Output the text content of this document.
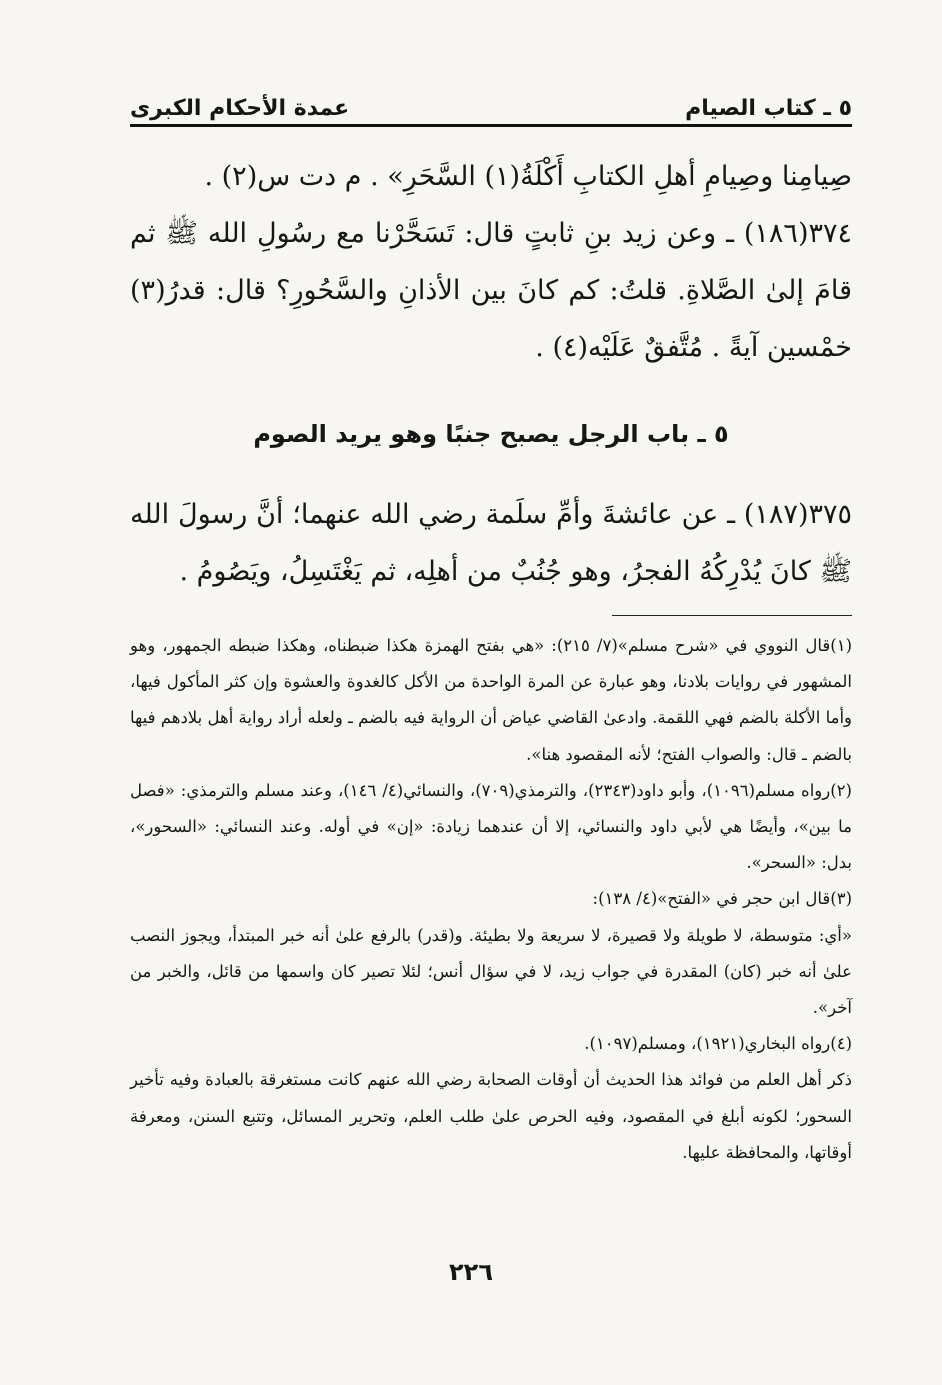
٥ ـ كتاب الصيام
عمدة الأحكام الكبرى

صِيامِنا وصِيامِ أهلِ الكتابِ أَكْلَةُ(١) السَّحَرِ» . م دت س(٢) .

٣٧٤(١٨٦) ـ وعن زيد بنِ ثابتٍ قال: تَسَحَّرْنا مع رسُولِ الله ﷺ ثم قامَ إلىٰ الصَّلاةِ. قلتُ: كم كانَ بين الأذانِ والسَّحُورِ؟ قال: قدرُ(٣) خمْسين آيةً . مُتَّفقٌ عَلَيْه(٤) .

٥ ـ باب الرجل يصبح جنبًا وهو يريد الصوم

٣٧٥(١٨٧) ـ عن عائشةَ وأمِّ سلَمة رضي الله عنهما؛ أنَّ رسولَ الله ﷺ كانَ يُدْرِكُهُ الفجرُ، وهو جُنُبٌ من أهلِه، ثم يَغْتَسِلُ، ويَصُومُ .

(١)قال النووي في «شرح مسلم»(٧/ ٢١٥): «هي بفتح الهمزة هكذا ضبطناه، وهكذا ضبطه الجمهور، وهو المشهور في روايات بلادنا، وهو عبارة عن المرة الواحدة من الأكل كالغدوة والعشوة وإن كثر المأكول فيها، وأما الأكلة بالضم فهي اللقمة. وادعىٰ القاضي عياض أن الرواية فيه بالضم ـ ولعله أراد رواية أهل بلادهم فيها بالضم ـ قال: والصواب الفتح؛ لأنه المقصود هنا».

(٢)رواه مسلم(١٠٩٦)، وأبو داود(٢٣٤٣)، والترمذي(٧٠٩)، والنسائي(٤/ ١٤٦)، وعند مسلم والترمذي: «فصل ما بين»، وأيضًا هي لأبي داود والنسائي، إلا أن عندهما زيادة: «إن» في أوله. وعند النسائي: «السحور»، بدل: «السحر».

(٣)قال ابن حجر في «الفتح»(٤/ ١٣٨):

«أي: متوسطة، لا طويلة ولا قصيرة، لا سريعة ولا بطيئة. و(قدر) بالرفع علىٰ أنه خبر المبتدأ، ويجوز النصب علىٰ أنه خبر (كان) المقدرة في جواب زيد، لا في سؤال أنس؛ لئلا تصير كان واسمها من قائل، والخبر من آخر».

(٤)رواه البخاري(١٩٢١)، ومسلم(١٠٩٧).

ذكر أهل العلم من فوائد هذا الحديث أن أوقات الصحابة رضي الله عنهم كانت مستغرقة بالعبادة وفيه تأخير السحور؛ لكونه أبلغ في المقصود، وفيه الحرص علىٰ طلب العلم، وتحرير المسائل، وتتبع السنن، ومعرفة أوقاتها، والمحافظة عليها.

٢٢٦
